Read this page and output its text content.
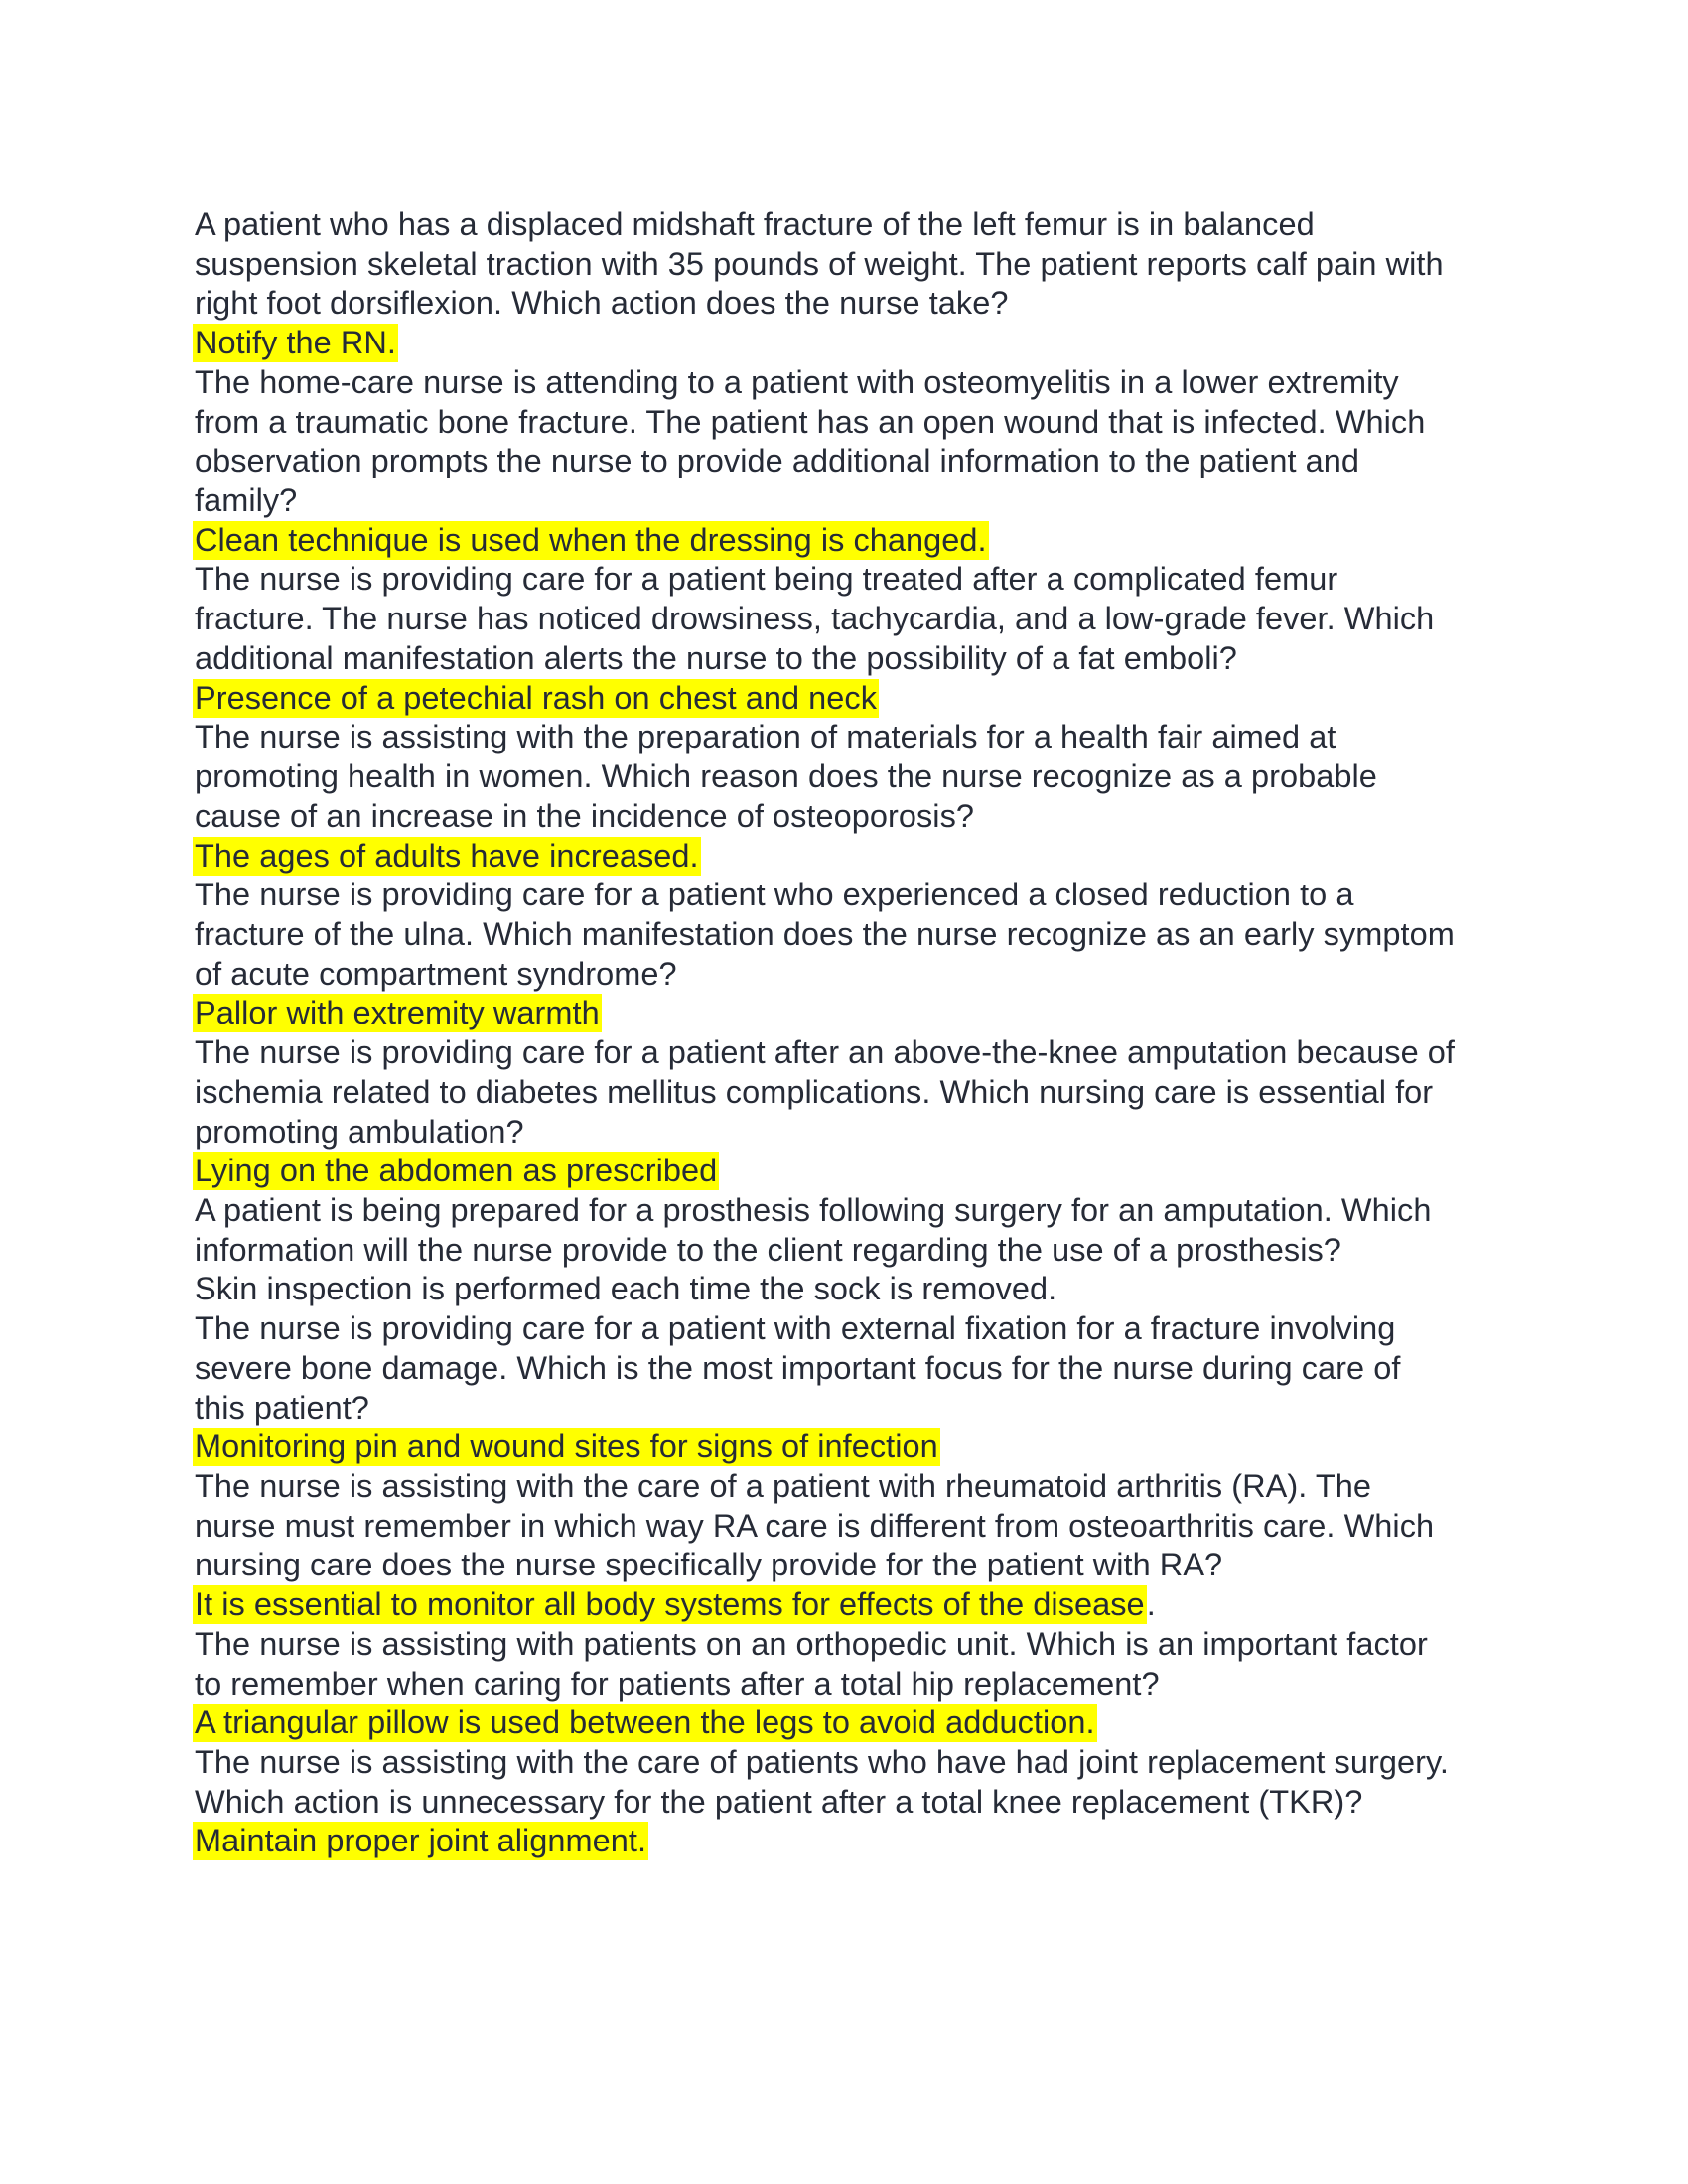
A patient who has a displaced midshaft fracture of the left femur is in balanced
suspension skeletal traction with 35 pounds of weight. The patient reports calf pain with
right foot dorsiflexion. Which action does the nurse take?
Notify the RN.
The home-care nurse is attending to a patient with osteomyelitis in a lower extremity
from a traumatic bone fracture. The patient has an open wound that is infected. Which
observation prompts the nurse to provide additional information to the patient and
family?
Clean technique is used when the dressing is changed.
The nurse is providing care for a patient being treated after a complicated femur
fracture. The nurse has noticed drowsiness, tachycardia, and a low-grade fever. Which
additional manifestation alerts the nurse to the possibility of a fat emboli?
Presence of a petechial rash on chest and neck
The nurse is assisting with the preparation of materials for a health fair aimed at
promoting health in women. Which reason does the nurse recognize as a probable
cause of an increase in the incidence of osteoporosis?
The ages of adults have increased.
The nurse is providing care for a patient who experienced a closed reduction to a
fracture of the ulna. Which manifestation does the nurse recognize as an early symptom
of acute compartment syndrome?
Pallor with extremity warmth
The nurse is providing care for a patient after an above-the-knee amputation because of
ischemia related to diabetes mellitus complications. Which nursing care is essential for
promoting ambulation?
Lying on the abdomen as prescribed
A patient is being prepared for a prosthesis following surgery for an amputation. Which
information will the nurse provide to the client regarding the use of a prosthesis?
Skin inspection is performed each time the sock is removed.
The nurse is providing care for a patient with external fixation for a fracture involving
severe bone damage. Which is the most important focus for the nurse during care of
this patient?
Monitoring pin and wound sites for signs of infection
The nurse is assisting with the care of a patient with rheumatoid arthritis (RA). The
nurse must remember in which way RA care is different from osteoarthritis care. Which
nursing care does the nurse specifically provide for the patient with RA?
It is essential to monitor all body systems for effects of the disease.
The nurse is assisting with patients on an orthopedic unit. Which is an important factor
to remember when caring for patients after a total hip replacement?
A triangular pillow is used between the legs to avoid adduction.
The nurse is assisting with the care of patients who have had joint replacement surgery.
Which action is unnecessary for the patient after a total knee replacement (TKR)?
Maintain proper joint alignment.
